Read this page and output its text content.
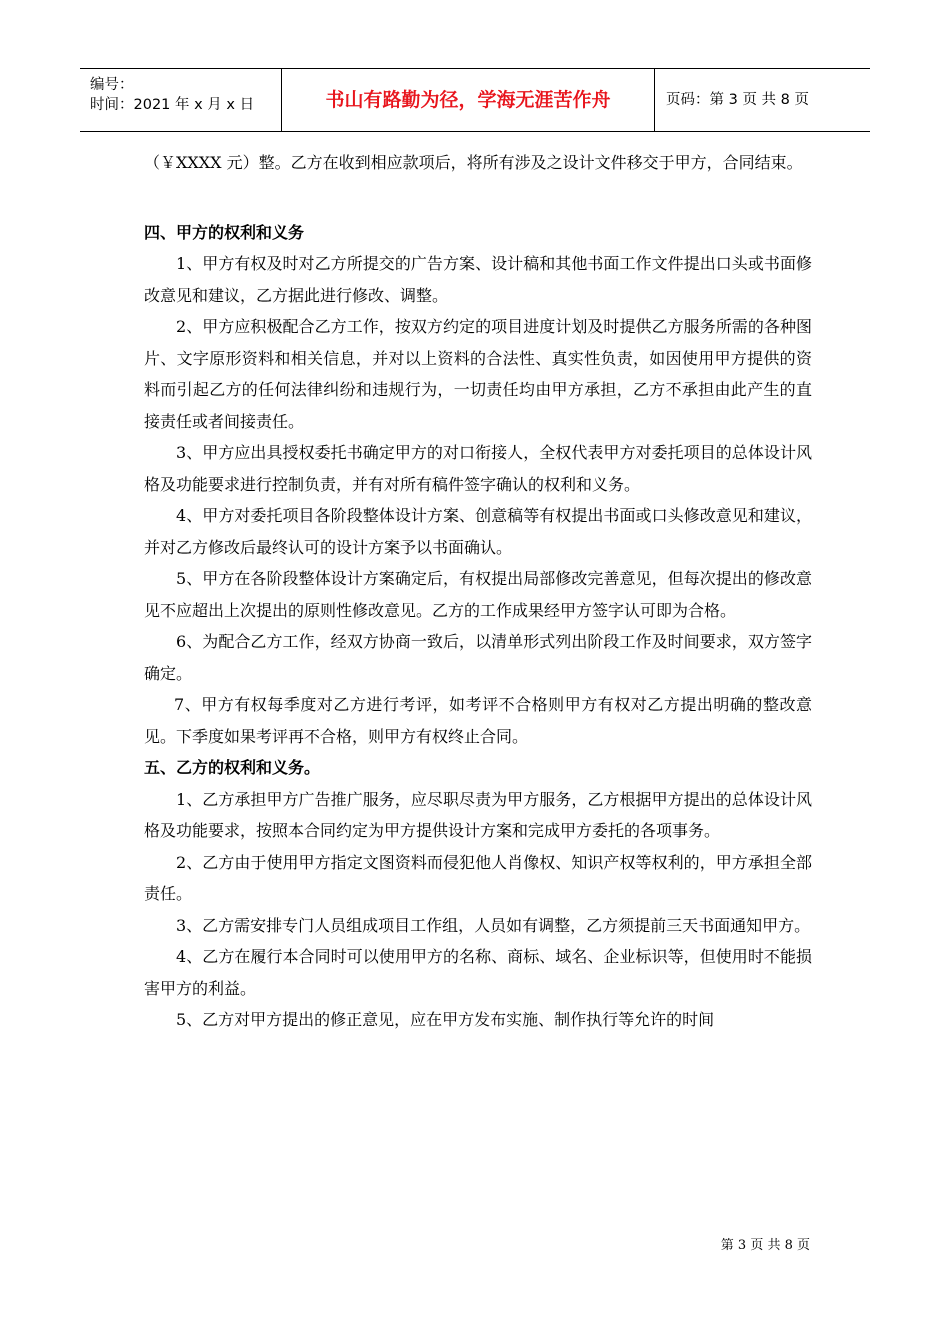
编号：
时间：2021 年 x 月 x 日	书山有路勤为径，学海无涯苦作舟	页码：第 3 页 共 8 页

（￥XXXX 元）整。乙方在收到相应款项后，将所有涉及之设计文件移交于甲方，合同结束。

四、甲方的权利和义务

1、甲方有权及时对乙方所提交的广告方案、设计稿和其他书面工作文件提出口头或书面修改意见和建议，乙方据此进行修改、调整。

2、甲方应积极配合乙方工作，按双方约定的项目进度计划及时提供乙方服务所需的各种图片、文字原形资料和相关信息，并对以上资料的合法性、真实性负责，如因使用甲方提供的资料而引起乙方的任何法律纠纷和违规行为，一切责任均由甲方承担，乙方不承担由此产生的直接责任或者间接责任。

3、甲方应出具授权委托书确定甲方的对口衔接人，全权代表甲方对委托项目的总体设计风格及功能要求进行控制负责，并有对所有稿件签字确认的权利和义务。

4、甲方对委托项目各阶段整体设计方案、创意稿等有权提出书面或口头修改意见和建议，并对乙方修改后最终认可的设计方案予以书面确认。

5、甲方在各阶段整体设计方案确定后，有权提出局部修改完善意见，但每次提出的修改意见不应超出上次提出的原则性修改意见。乙方的工作成果经甲方签字认可即为合格。

6、为配合乙方工作，经双方协商一致后，以清单形式列出阶段工作及时间要求，双方签字确定。

7、甲方有权每季度对乙方进行考评，如考评不合格则甲方有权对乙方提出明确的整改意见。下季度如果考评再不合格，则甲方有权终止合同。

五、乙方的权利和义务。

1、乙方承担甲方广告推广服务，应尽职尽责为甲方服务，乙方根据甲方提出的总体设计风格及功能要求，按照本合同约定为甲方提供设计方案和完成甲方委托的各项事务。

2、乙方由于使用甲方指定文图资料而侵犯他人肖像权、知识产权等权利的，甲方承担全部责任。

3、乙方需安排专门人员组成项目工作组，人员如有调整，乙方须提前三天书面通知甲方。

4、乙方在履行本合同时可以使用甲方的名称、商标、域名、企业标识等，但使用时不能损害甲方的利益。

5、乙方对甲方提出的修正意见，应在甲方发布实施、制作执行等允许的时间

第 3 页 共 8 页
